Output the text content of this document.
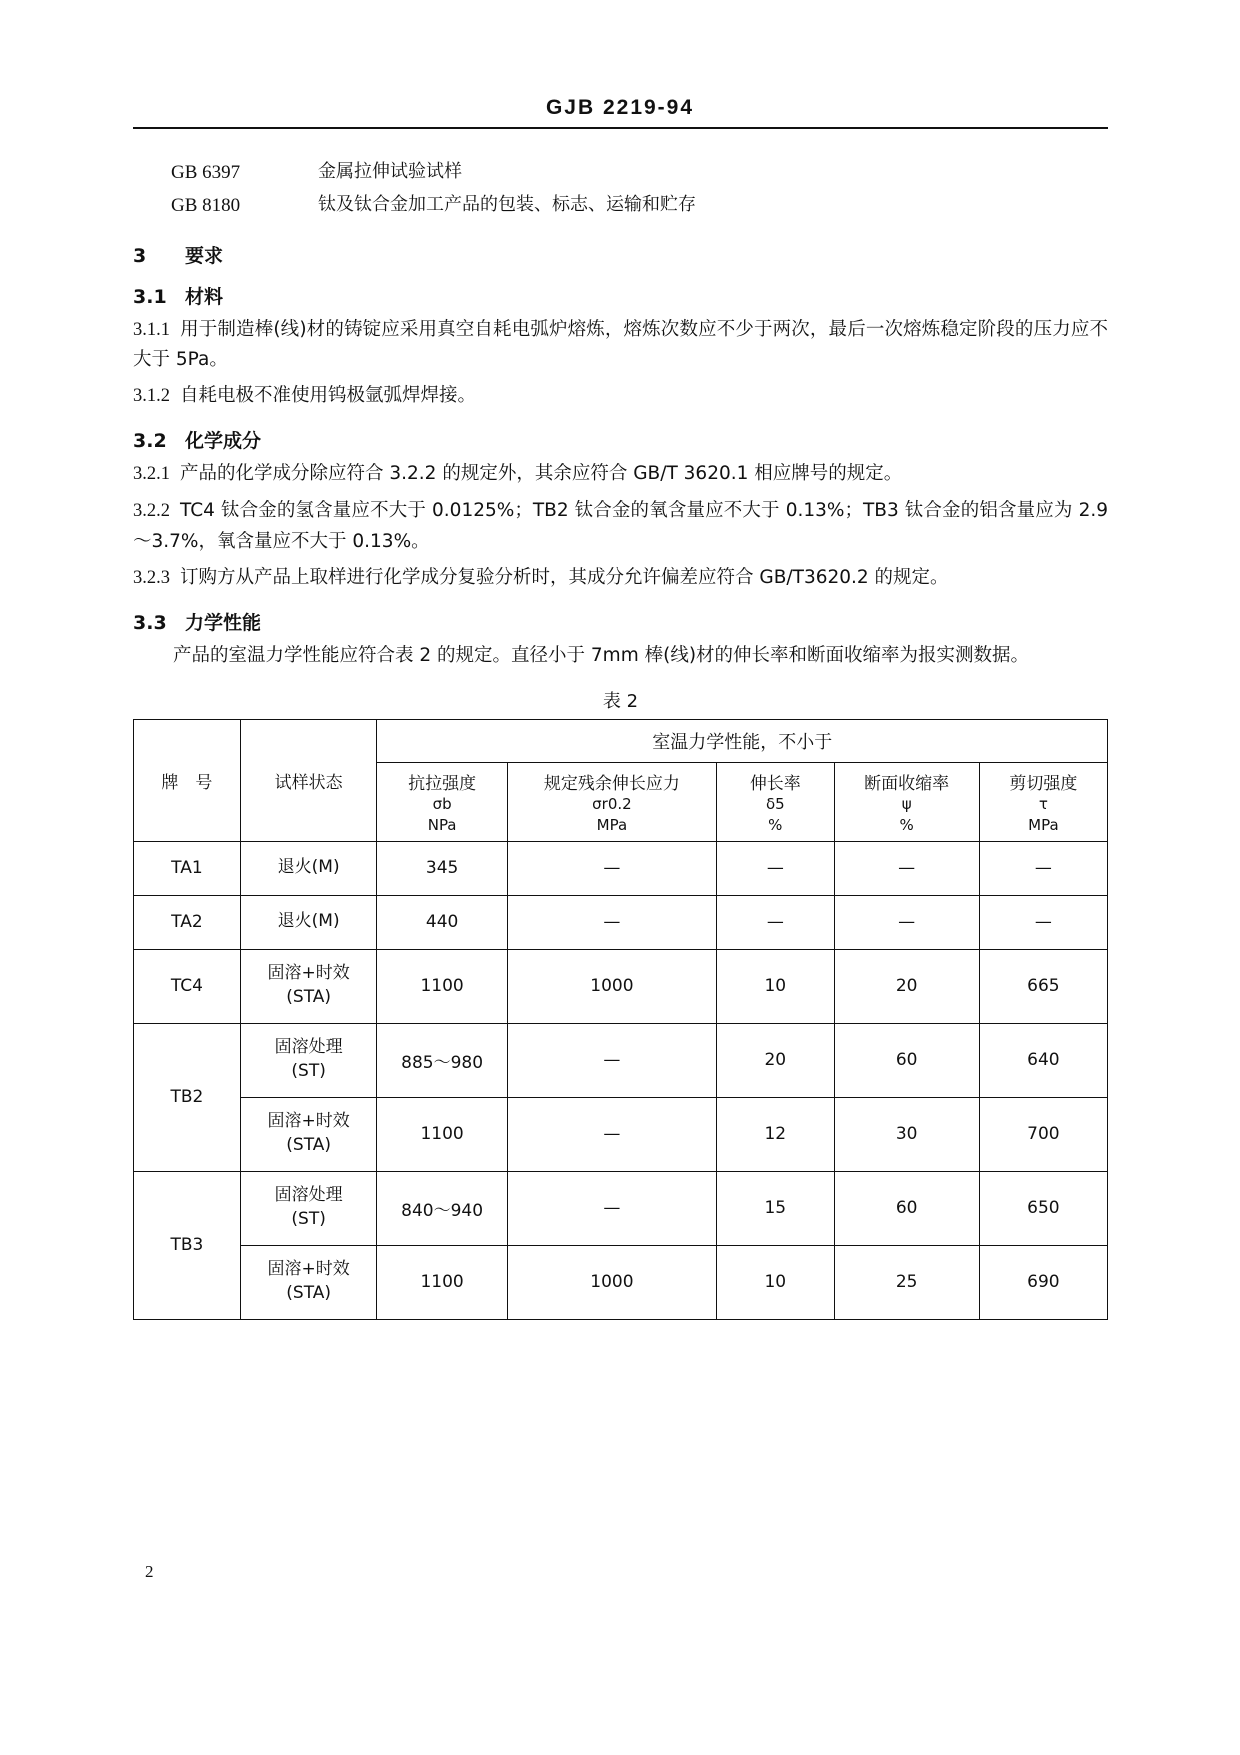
GJB 2219-94
GB 6397	金属拉伸试验试样
GB 8180	钛及钛合金加工产品的包装、标志、运输和贮存
3 要求
3.1 材料

3.1.1 用于制造棒(线)材的铸锭应采用真空自耗电弧炉熔炼，熔炼次数应不少于两次，最后一次熔炼稳定阶段的压力应不大于 5Pa。

3.1.2 自耗电极不准使用钨极氩弧焊焊接。

3.2 化学成分

3.2.1 产品的化学成分除应符合 3.2.2 的规定外，其余应符合 GB/T 3620.1 相应牌号的规定。

3.2.2 TC4 钛合金的氢含量应不大于 0.0125%；TB2 钛合金的氧含量应不大于 0.13%；TB3 钛合金的铝含量应为 2.9～3.7%，氧含量应不大于 0.13%。

3.2.3 订购方从产品上取样进行化学成分复验分析时，其成分允许偏差应符合 GB/T3620.2 的规定。

3.3 力学性能

产品的室温力学性能应符合表 2 的规定。直径小于 7mm 棒(线)材的伸长率和断面收缩率为报实测数据。

表 2
牌　号	试样状态	室温力学性能，不小于				
		抗拉强度
σb
NPa	规定残余伸长应力
σr0.2
MPa	伸长率
δ5
%	断面收缩率
ψ
%	剪切强度
τ
MPa

TA1	退火(M)	345	—	—	—	—
TA2	退火(M)	440	—	—	—	—
TC4	固溶+时效
(STA)	1100	1000	10	20	665
TB2	固溶处理
(ST)	885～980	—	20	60	640
	固溶+时效
(STA)	1100	—	12	30	700
TB3	固溶处理
(ST)	840～940	—	15	60	650
	固溶+时效
(STA)	1100	1000	10	25	690
2
